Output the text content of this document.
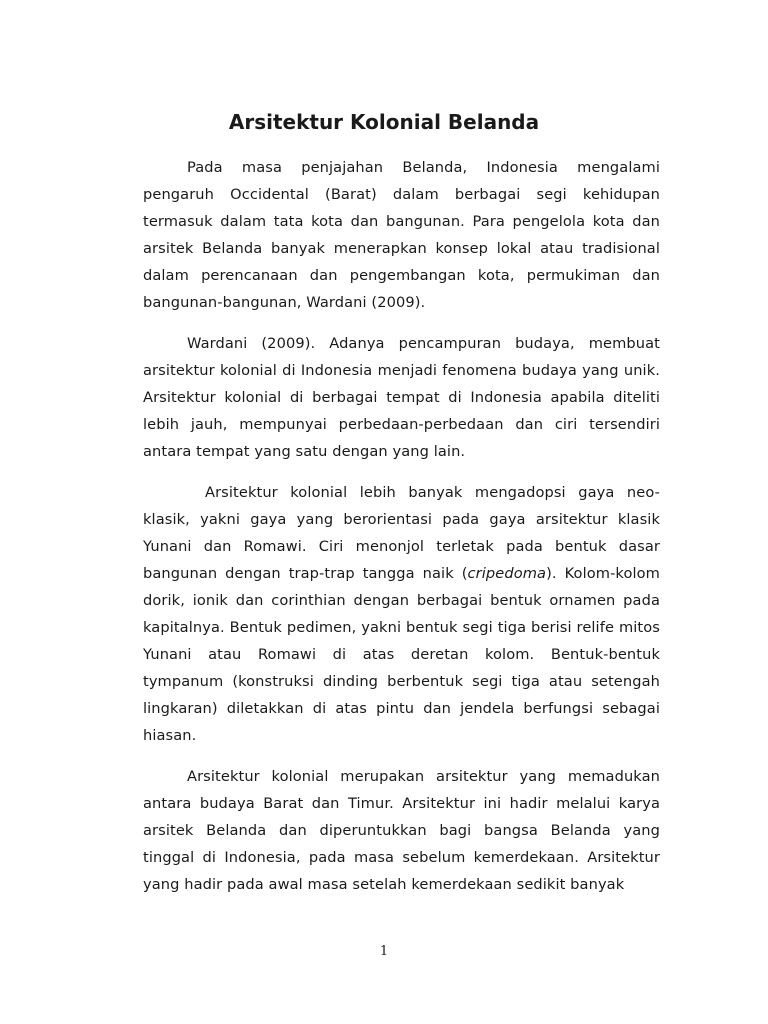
Arsitektur Kolonial Belanda

Pada masa penjajahan Belanda, Indonesia mengalami pengaruh Occidental (Barat) dalam berbagai segi kehidupan termasuk dalam tata kota dan bangunan. Para pengelola kota dan arsitek Belanda banyak menerapkan konsep lokal atau tradisional dalam perencanaan dan pengembangan kota, permukiman dan bangunan-bangunan, Wardani (2009).

Wardani (2009). Adanya pencampuran budaya, membuat arsitektur kolonial di Indonesia menjadi fenomena budaya yang unik. Arsitektur kolonial di berbagai tempat di Indonesia apabila diteliti lebih jauh, mempunyai perbedaan-perbedaan dan ciri tersendiri antara tempat yang satu dengan yang lain.

Arsitektur kolonial lebih banyak mengadopsi gaya neo-klasik, yakni gaya yang berorientasi pada gaya arsitektur klasik Yunani dan Romawi. Ciri menonjol terletak pada bentuk dasar bangunan dengan trap-trap tangga naik (cripedoma). Kolom-kolom dorik, ionik dan corinthian dengan berbagai bentuk ornamen pada kapitalnya. Bentuk pedimen, yakni bentuk segi tiga berisi relife mitos Yunani atau Romawi di atas deretan kolom. Bentuk-bentuk tympanum (konstruksi dinding berbentuk segi tiga atau setengah lingkaran) diletakkan di atas pintu dan jendela berfungsi sebagai hiasan.

Arsitektur kolonial merupakan arsitektur yang memadukan antara budaya Barat dan Timur. Arsitektur ini hadir melalui karya arsitek Belanda dan diperuntukkan bagi bangsa Belanda yang tinggal di Indonesia, pada masa sebelum kemerdekaan. Arsitektur yang hadir pada awal masa setelah kemerdekaan sedikit banyak

1
